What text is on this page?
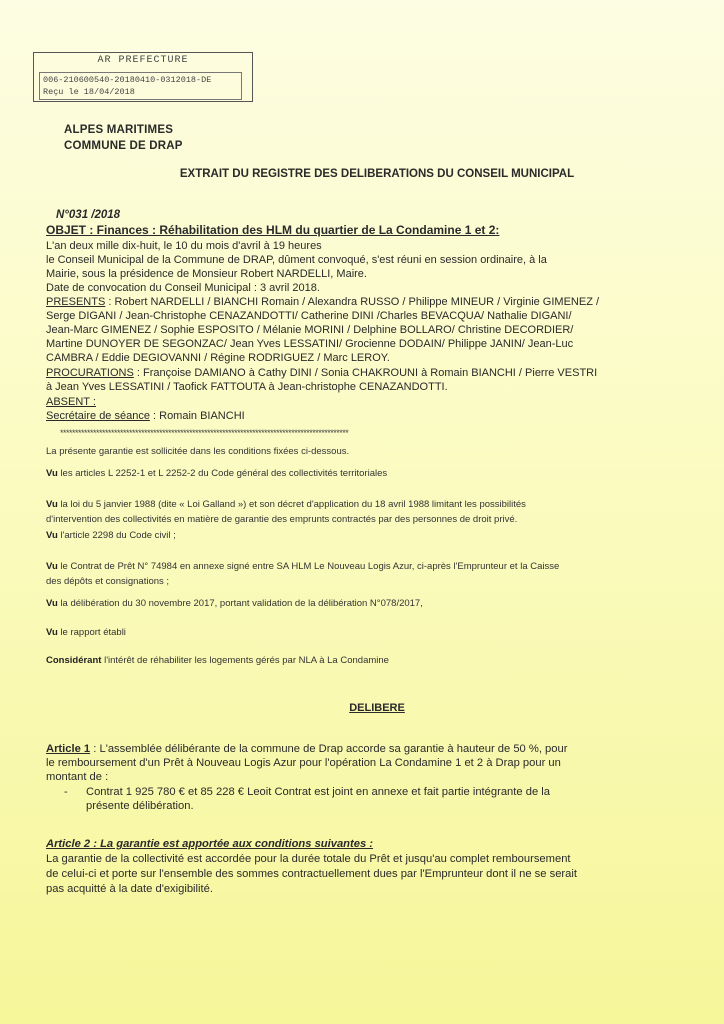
AR PREFECTURE
006-210600540-20180410-0312018-DE
Reçu le 18/04/2018
ALPES MARITIMES
COMMUNE DE DRAP
EXTRAIT DU REGISTRE DES DELIBERATIONS DU CONSEIL MUNICIPAL
N°031 /2018
OBJET : Finances : Réhabilitation des HLM du quartier de La Condamine 1 et 2:
L'an deux mille dix-huit, le 10 du mois d'avril à 19 heures
le Conseil Municipal de la Commune de DRAP, dûment convoqué, s'est réuni en session ordinaire, à la
Mairie, sous la présidence de Monsieur Robert NARDELLI, Maire.
Date de convocation du Conseil Municipal : 3 avril 2018.
PRESENTS : Robert NARDELLI / BIANCHI Romain / Alexandra RUSSO / Philippe MINEUR / Virginie GIMENEZ /
Serge DIGANI / Jean-Christophe CENAZANDOTTI/ Catherine DINI /Charles BEVACQUA/ Nathalie DIGANI/
Jean-Marc GIMENEZ / Sophie ESPOSITO / Mélanie MORINI / Delphine BOLLARO/ Christine DECORDIER/
Martine DUNOYER DE SEGONZAC/ Jean Yves LESSATINI/ Grocienne DODAIN/ Philippe JANIN/ Jean-Luc
CAMBRA / Eddie DEGIOVANNI / Régine RODRIGUEZ / Marc LEROY.
PROCURATIONS : Françoise DAMIANO à Cathy DINI / Sonia CHAKROUNI à Romain BIANCHI / Pierre VESTRI
à Jean Yves LESSATINI / Taofick FATTOUTA à Jean-christophe CENAZANDOTTI.
ABSENT :
Secrétaire de séance : Romain BIANCHI
************************************************************************************************
La présente garantie est sollicitée dans les conditions fixées ci-dessous.
Vu les articles L 2252-1 et L 2252-2 du Code général des collectivités territoriales
Vu la loi du 5 janvier 1988 (dite « Loi Galland ») et son décret d'application du 18 avril 1988 limitant les possibilités
d'intervention des collectivités en matière de garantie des emprunts contractés par des personnes de droit privé.
Vu l'article 2298 du Code civil ;
Vu le Contrat de Prêt N° 74984 en annexe signé entre SA HLM Le Nouveau Logis Azur, ci-après l'Emprunteur et la Caisse
des dépôts et consignations ;
Vu la délibération du 30 novembre 2017, portant validation de la délibération N°078/2017,
Vu le rapport établi
Considérant l'intérêt de réhabiliter les logements gérés par NLA à La Condamine
DELIBERE
Article 1 : L'assemblée délibérante de la commune de Drap accorde sa garantie à hauteur de 50 %, pour
le remboursement d'un Prêt à Nouveau Logis Azur pour l'opération La Condamine 1 et 2 à Drap pour un
montant de :
- Contrat 1 925 780 € et 85 228 € Leoit Contrat est joint en annexe et fait partie intégrante de la
présente délibération.
Article 2 : La garantie est apportée aux conditions suivantes :
La garantie de la collectivité est accordée pour la durée totale du Prêt et jusqu'au complet remboursement
de celui-ci et porte sur l'ensemble des sommes contractuellement dues par l'Emprunteur dont il ne se serait
pas acquitté à la date d'exigibilité.
